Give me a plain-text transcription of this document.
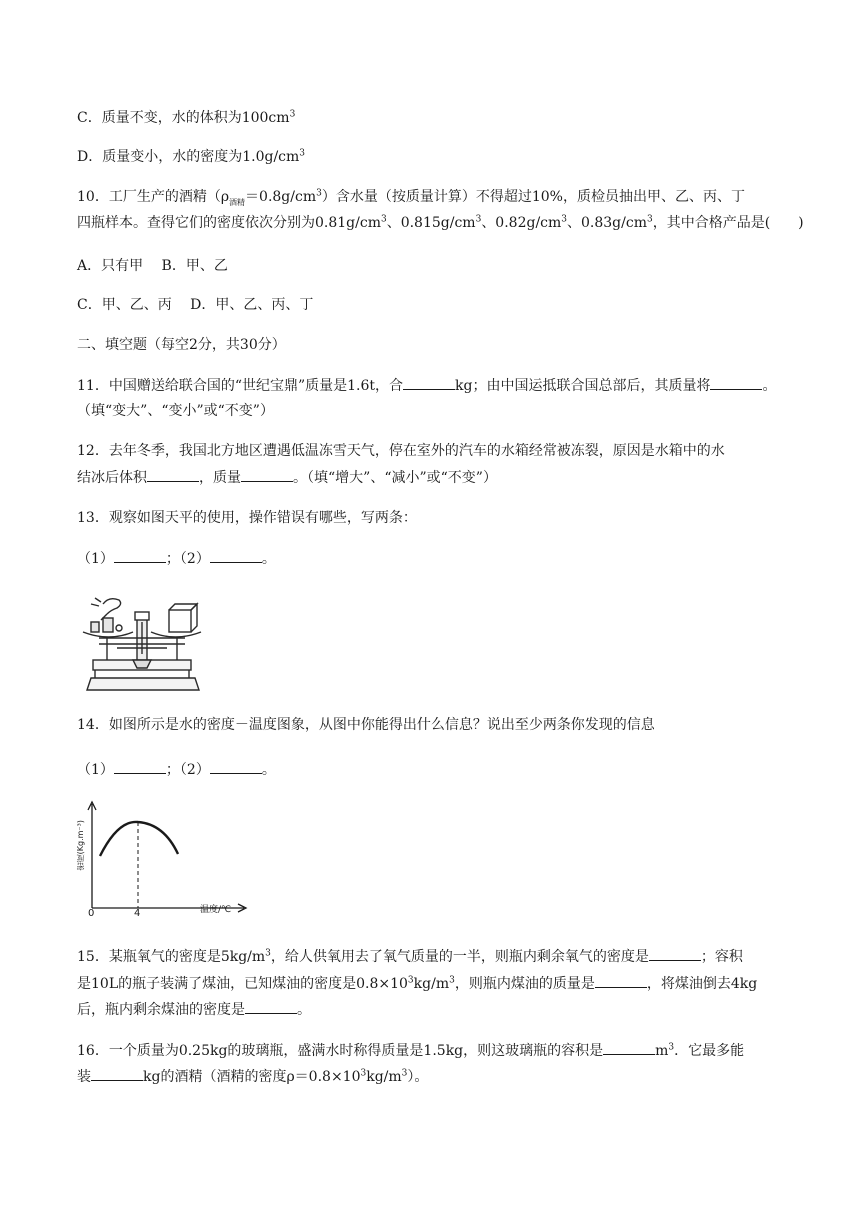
C．质量不变，水的体积为$100cm^3$
D．质量变小，水的密度为$1.0g/cm^3$
10．工厂生产的酒精$(\rho_{酒精}=0.8g/cm^3)$含水量（按质量计算）不得超过10%，质检员抽出甲、乙、丙、丁
四瓶样本。查得它们的密度依次分别为$0.81g/cm^3$、$0.815g/cm^3$、$0.82g/cm^3$、$0.83g/cm^3$，其中合格产品是(　　)
A．只有甲　 B．甲、乙
C．甲、乙、丙　 D．甲、乙、丙、丁
二、填空题（每空2分，共30分）
11．中国赠送给联合国的“世纪宝鼎”质量是1.6t，合	kg；由中国运抵联合国总部后，其质量将	。
（填“变大”、“变小”或“不变”）
12．去年冬季，我国北方地区遭遇低温冻雪天气，停在室外的汽车的水箱经常被冻裂，原因是水箱中的水
结冰后体积	，质量	。（填“增大”、“减小”或“不变”）
13．观察如图天平的使用，操作错误有哪些，写两条：
（1）	；（2）	。
14．如图所示是水的密度－温度图象，从图中你能得出什么信息？说出至少两条你发现的信息
（1）	；（2）	。
密度(Kg.m⁻³)
0	4	温度/℃
15．某瓶氧气的密度是$5kg/m^3$，给人供氧用去了氧气质量的一半，则瓶内剩余氧气的密度是	；容积
是10L的瓶子装满了煤油，已知煤油的密度是$0.8\times 10^3kg/m^3$，则瓶内煤油的质量是	，将煤油倒去4kg
后，瓶内剩余煤油的密度是	。
16．一个质量为0.25kg的玻璃瓶，盛满水时称得质量是1.5kg，则这玻璃瓶的容积是	$m^3$．它最多能
装	kg的酒精（酒精的密度$\rho=0.8\times 10^3kg/m^3$）。
